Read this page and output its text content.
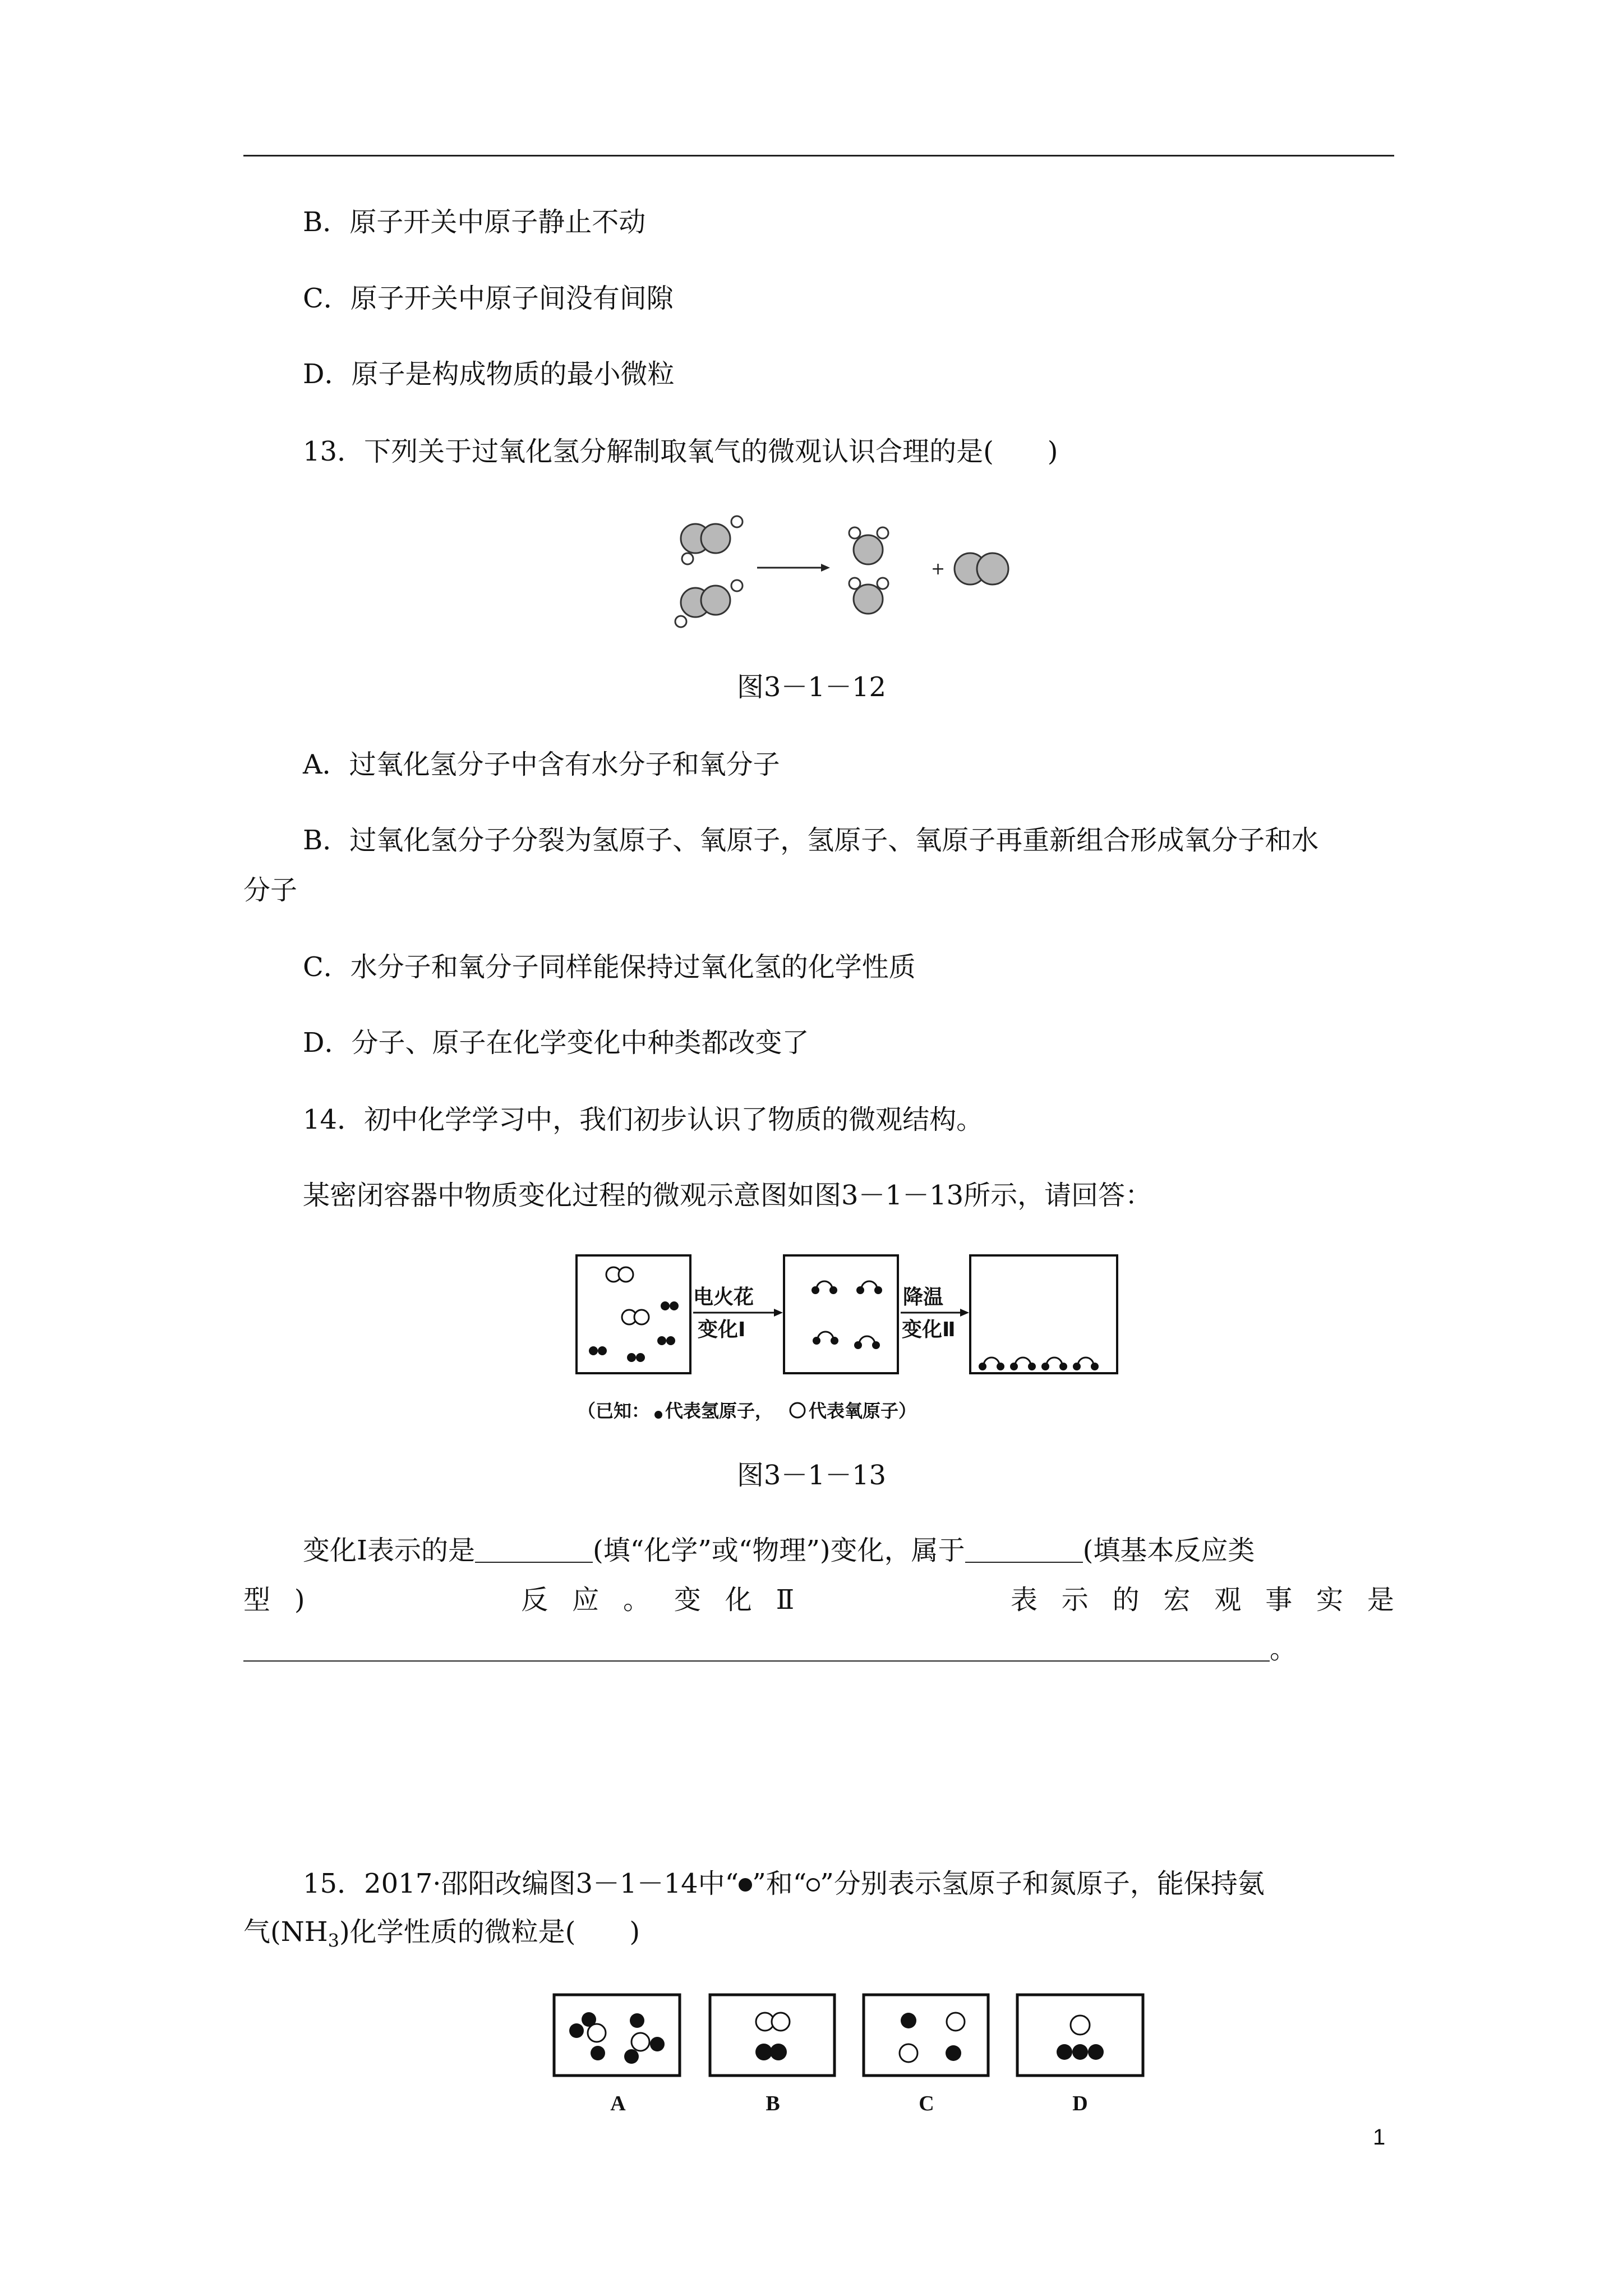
B．原子开关中原子静止不动
C．原子开关中原子间没有间隙
D．原子是构成物质的最小微粒
13．下列关于过氧化氢分解制取氧气的微观认识合理的是(　　)
+
图3－1－12
A．过氧化氢分子中含有水分子和氧分子
B．过氧化氢分子分裂为氢原子、氧原子，氢原子、氧原子再重新组合形成氧分子和水
分子
C．水分子和氧分子同样能保持过氧化氢的化学性质
D．分子、原子在化学变化中种类都改变了
14．初中化学学习中，我们初步认识了物质的微观结构。
某密闭容器中物质变化过程的微观示意图如图3－1－13所示，请回答：
电火花
变化Ⅰ
降温
变化Ⅱ
（已知： 代表氢原子， 代表氧原子）
图3－1－13
变化Ⅰ表示的是	(填“化学”或“物理”)变化，属于	(填基本反应类
型 )	反 应 。 变 化 Ⅱ	表 示 的 宏 观 事 实 是
。
15．2017·邵阳改编图3－1－14中“ ”和“ ”分别表示氢原子和氮原子，能保持氨
气$(NH_3)$化学性质的微粒是(　　)
A	B	C	D
1
